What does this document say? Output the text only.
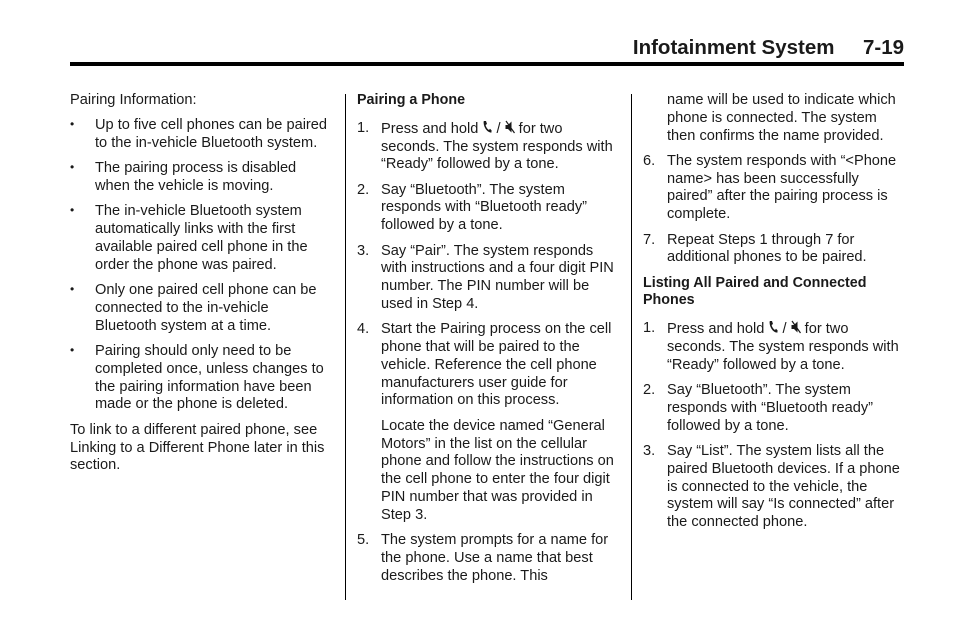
Infotainment System     7-19

Pairing Information:

• Up to five cell phones can be paired to the in-vehicle Bluetooth system.
• The pairing process is disabled when the vehicle is moving.
• The in-vehicle Bluetooth system automatically links with the first available paired cell phone in the order the phone was paired.
• Only one paired cell phone can be connected to the in-vehicle Bluetooth system at a time.
• Pairing should only need to be completed once, unless changes to the pairing information have been made or the phone is deleted.

To link to a different paired phone, see Linking to a Different Phone later in this section.

Pairing a Phone

1. Press and hold
/
for two seconds. The system responds with “Ready” followed by a tone.
2. Say “Bluetooth”. The system responds with “Bluetooth ready” followed by a tone.
3. Say “Pair”. The system responds with instructions and a four digit PIN number. The PIN number will be used in Step 4.
4. Start the Pairing process on the cell phone that will be paired to the vehicle. Reference the cell phone manufacturers user guide for information on this process.

Locate the device named “General Motors” in the list on the cellular phone and follow the instructions on the cell phone to enter the four digit PIN number that was provided in Step 3.

5. The system prompts for a name for the phone. Use a name that best describes the phone. This

name will be used to indicate which phone is connected. The system then confirms the name provided.

6. The system responds with “<Phone name> has been successfully paired” after the pairing process is complete.
7. Repeat Steps 1 through 7 for additional phones to be paired.

Listing All Paired and Connected Phones

1. Press and hold
/
for two seconds. The system responds with “Ready” followed by a tone.
2. Say “Bluetooth”. The system responds with “Bluetooth ready” followed by a tone.
3. Say “List”. The system lists all the paired Bluetooth devices. If a phone is connected to the vehicle, the system will say “Is connected” after the connected phone.
